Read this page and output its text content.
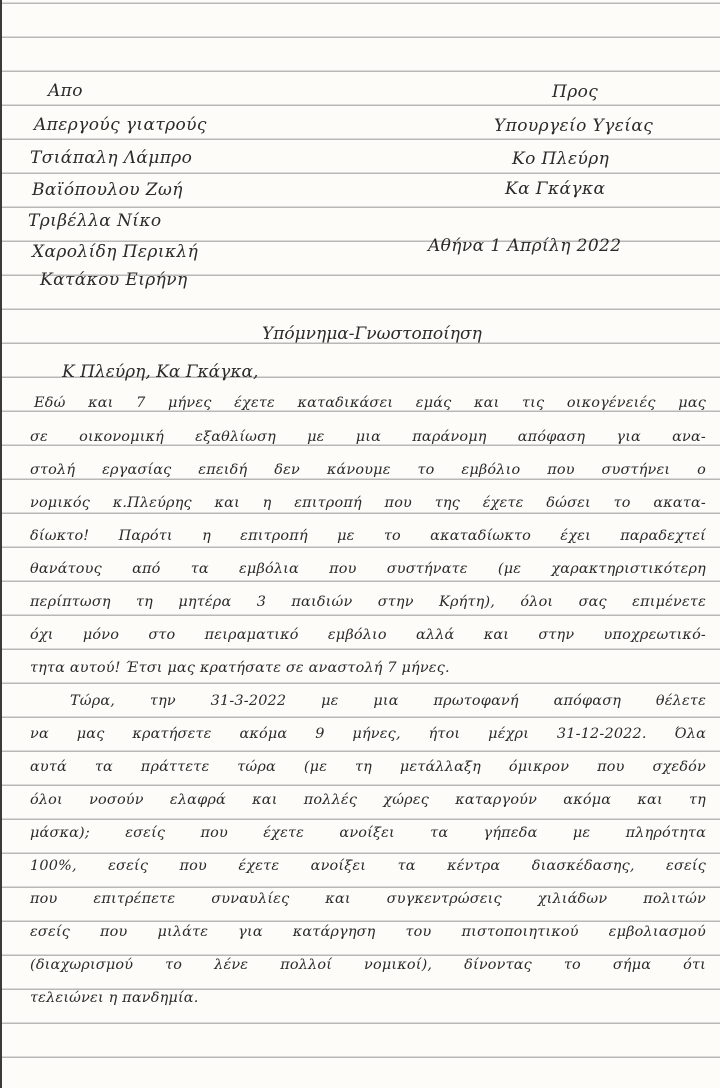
Απο
Απεργούς γιατρούς
Τσιάπαλη Λάμπρο
Βαϊόπουλου Ζωή
Τριβέλλα Νίκο
Χαρολίδη Περικλή
Κατάκου Ειρήνη
Προς
Υπουργείο Υγείας
Κο Πλεύρη
Κα Γκάγκα
Αθήνα 1 Απρίλη 2022
Υπόμνημα-Γνωστοποίηση
Κ Πλεύρη, Κα Γκάγκα,
Εδώ και 7 μήνες έχετε καταδικάσει εμάς και τις οικογένειές μας
σε οικονομική εξαθλίωση με μια παράνομη απόφαση για ανα-
στολή εργασίας επειδή δεν κάνουμε το εμβόλιο που συστήνει ο
νομικός κ.Πλεύρης και η επιτροπή που της έχετε δώσει το ακατα-
δίωκτο! Παρότι η επιτροπή με το ακαταδίωκτο έχει παραδεχτεί
θανάτους από τα εμβόλια που συστήνατε (με χαρακτηριστικότερη
περίπτωση τη μητέρα 3 παιδιών στην Κρήτη), όλοι σας επιμένετε
όχι μόνο στο πειραματικό εμβόλιο αλλά και στην υποχρεωτικό-
τητα αυτού! Έτσι μας κρατήσατε σε αναστολή 7 μήνες.
Τώρα, την 31-3-2022 με μια πρωτοφανή απόφαση θέλετε
να μας κρατήσετε ακόμα 9 μήνες, ήτοι μέχρι 31-12-2022. Όλα
αυτά τα πράττετε τώρα (με τη μετάλλαξη όμικρον που σχεδόν
όλοι νοσούν ελαφρά και πολλές χώρες καταργούν ακόμα και τη
μάσκα); εσείς που έχετε ανοίξει τα γήπεδα με πληρότητα
100%, εσείς που έχετε ανοίξει τα κέντρα διασκέδασης, εσείς
που επιτρέπετε συναυλίες και συγκεντρώσεις χιλιάδων πολιτών
εσείς που μιλάτε για κατάργηση του πιστοποιητικού εμβολιασμού
(διαχωρισμού το λένε πολλοί νομικοί), δίνοντας το σήμα ότι
τελειώνει η πανδημία.
